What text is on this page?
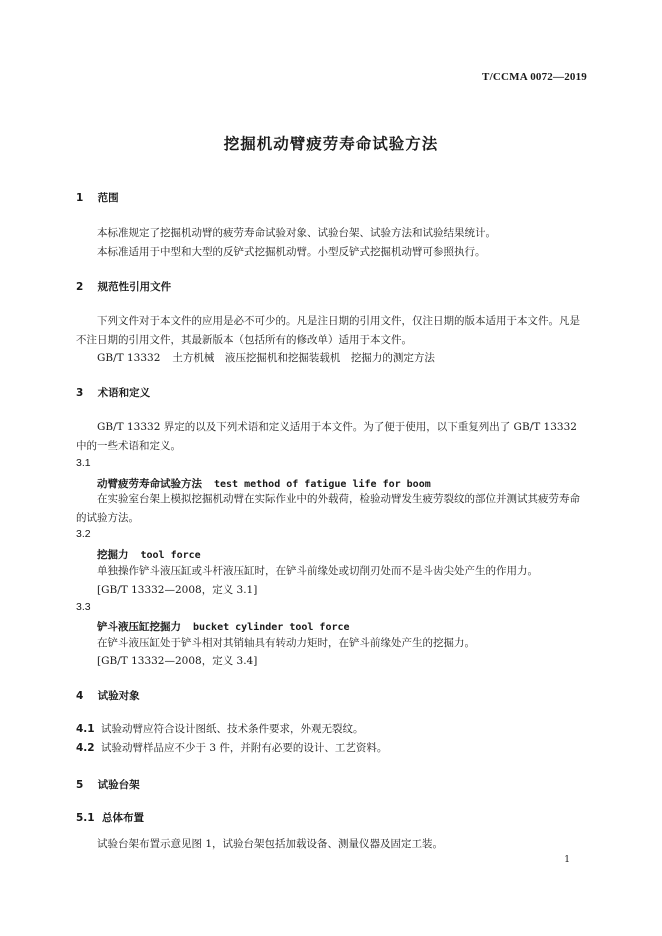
T/CCMA 0072—2019
挖掘机动臂疲劳寿命试验方法
1 范围
本标准规定了挖掘机动臂的疲劳寿命试验对象、试验台架、试验方法和试验结果统计。
本标准适用于中型和大型的反铲式挖掘机动臂。小型反铲式挖掘机动臂可参照执行。
2 规范性引用文件
下列文件对于本文件的应用是必不可少的。凡是注日期的引用文件，仅注日期的版本适用于本文件。凡是不注日期的引用文件，其最新版本（包括所有的修改单）适用于本文件。
GB/T 13332 土方机械　液压挖掘机和挖掘装载机　挖掘力的测定方法
3 术语和定义
GB/T 13332 界定的以及下列术语和定义适用于本文件。为了便于使用，以下重复列出了 GB/T 13332 中的一些术语和定义。
3.1
动臂疲劳寿命试验方法 test method of fatigue life for boom
在实验室台架上模拟挖掘机动臂在实际作业中的外载荷，检验动臂发生疲劳裂纹的部位并测试其疲劳寿命的试验方法。
3.2
挖掘力 tool force
单独操作铲斗液压缸或斗杆液压缸时，在铲斗前缘处或切削刃处而不是斗齿尖处产生的作用力。
[GB/T 13332—2008，定义 3.1]
3.3
铲斗液压缸挖掘力 bucket cylinder tool force
在铲斗液压缸处于铲斗相对其销轴具有转动力矩时，在铲斗前缘处产生的挖掘力。
[GB/T 13332—2008，定义 3.4]
4 试验对象
4.1 试验动臂应符合设计图纸、技术条件要求，外观无裂纹。
4.2 试验动臂样品应不少于 3 件，并附有必要的设计、工艺资料。
5 试验台架
5.1 总体布置
试验台架布置示意见图 1，试验台架包括加载设备、测量仪器及固定工装。
1
